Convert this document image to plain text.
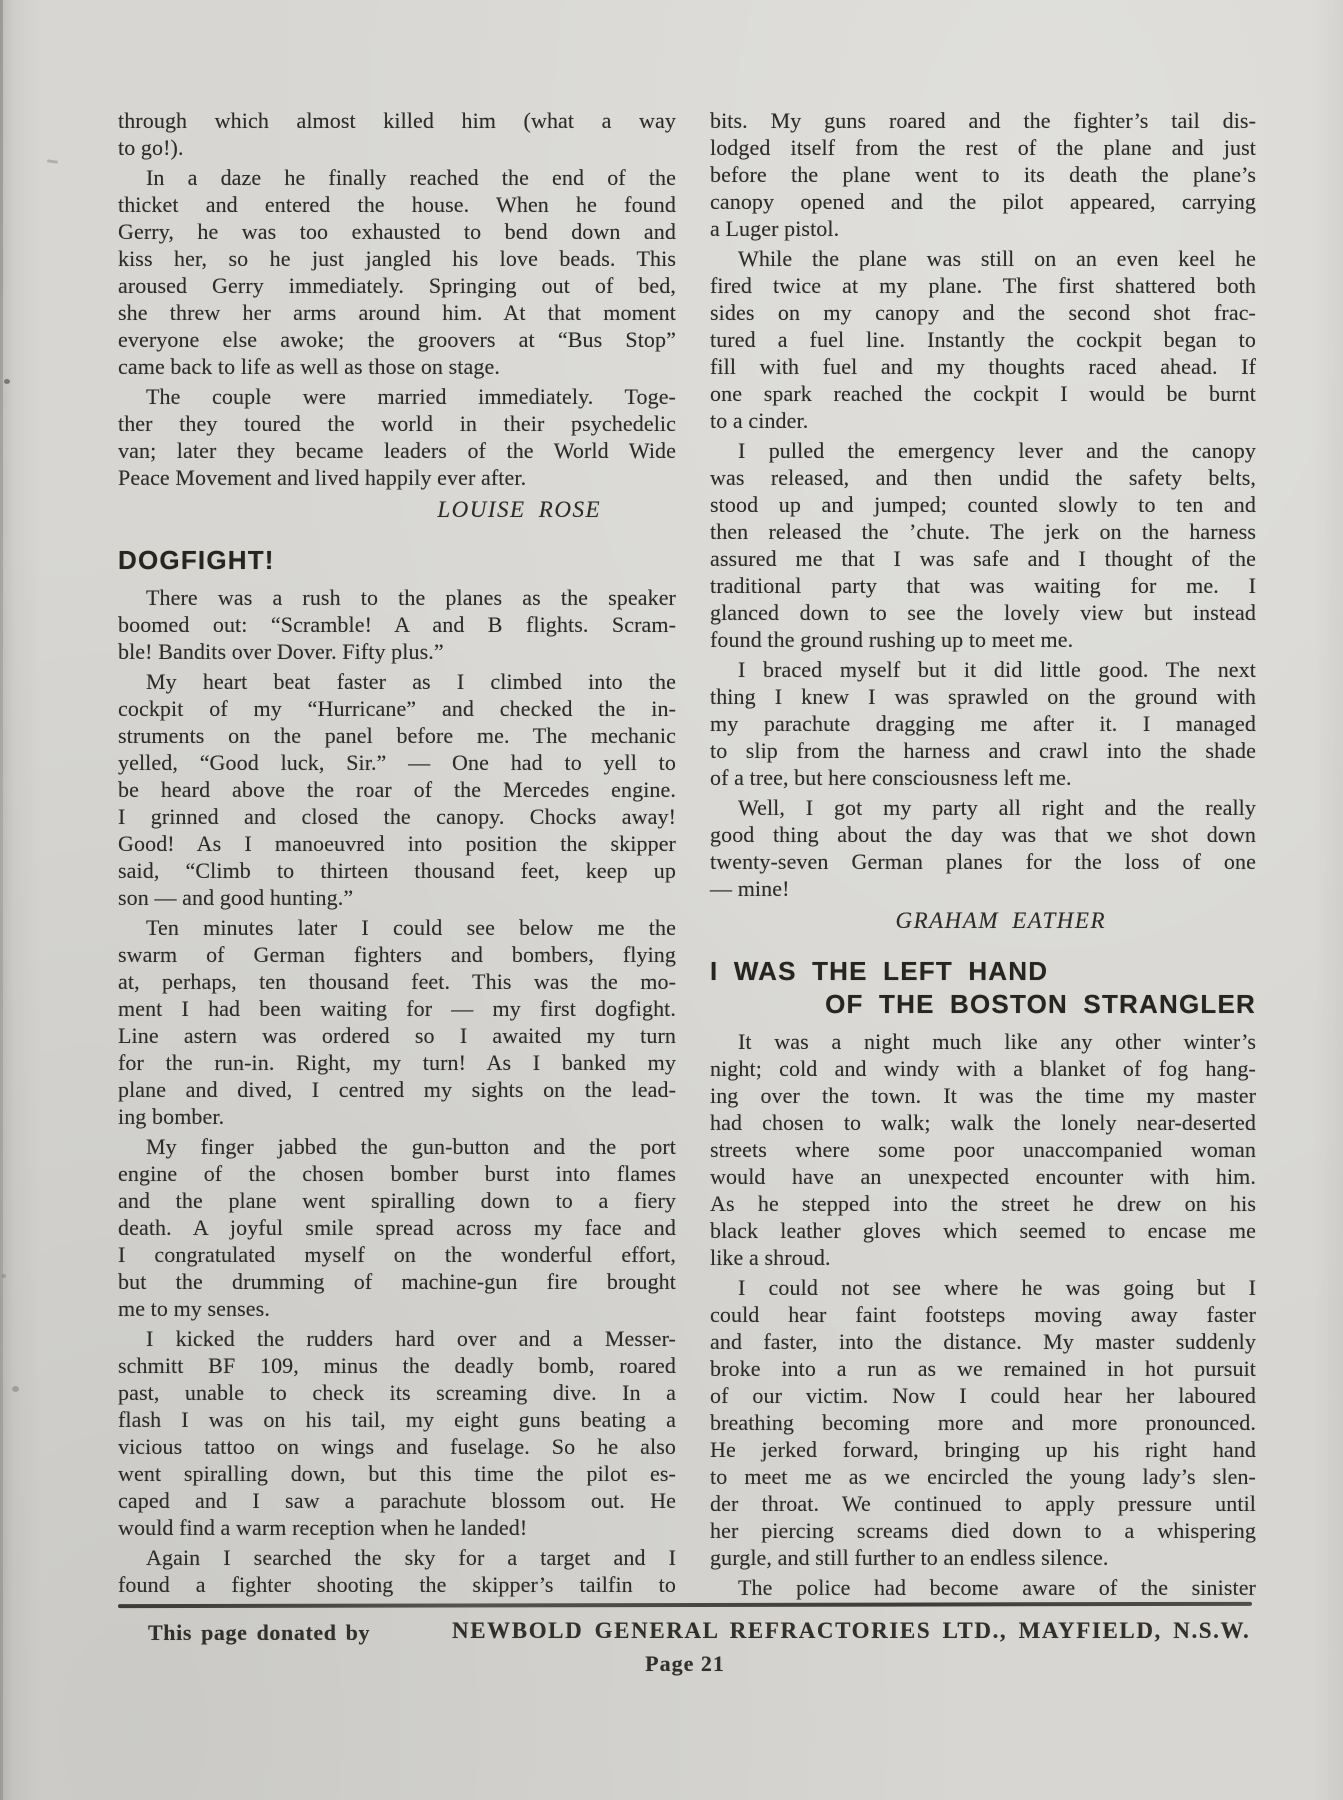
through which almost killed him (what a way
to go!).
In a daze he finally reached the end of the
thicket and entered the house. When he found
Gerry, he was too exhausted to bend down and
kiss her, so he just jangled his love beads. This
aroused Gerry immediately. Springing out of bed,
she threw her arms around him. At that moment
everyone else awoke; the groovers at “Bus Stop”
came back to life as well as those on stage.
The couple were married immediately. Toge-
ther they toured the world in their psychedelic
van; later they became leaders of the World Wide
Peace Movement and lived happily ever after.
LOUISE ROSE
DOGFIGHT!
There was a rush to the planes as the speaker
boomed out: “Scramble! A and B flights. Scram-
ble! Bandits over Dover. Fifty plus.”
My heart beat faster as I climbed into the
cockpit of my “Hurricane” and checked the in-
struments on the panel before me. The mechanic
yelled, “Good luck, Sir.” — One had to yell to
be heard above the roar of the Mercedes engine.
I grinned and closed the canopy. Chocks away!
Good! As I manoeuvred into position the skipper
said, “Climb to thirteen thousand feet, keep up
son — and good hunting.”
Ten minutes later I could see below me the
swarm of German fighters and bombers, flying
at, perhaps, ten thousand feet. This was the mo-
ment I had been waiting for — my first dogfight.
Line astern was ordered so I awaited my turn
for the run-in. Right, my turn! As I banked my
plane and dived, I centred my sights on the lead-
ing bomber.
My finger jabbed the gun-button and the port
engine of the chosen bomber burst into flames
and the plane went spiralling down to a fiery
death. A joyful smile spread across my face and
I congratulated myself on the wonderful effort,
but the drumming of machine-gun fire brought
me to my senses.
I kicked the rudders hard over and a Messer-
schmitt BF 109, minus the deadly bomb, roared
past, unable to check its screaming dive. In a
flash I was on his tail, my eight guns beating a
vicious tattoo on wings and fuselage. So he also
went spiralling down, but this time the pilot es-
caped and I saw a parachute blossom out. He
would find a warm reception when he landed!
Again I searched the sky for a target and I
found a fighter shooting the skipper’s tailfin to
bits. My guns roared and the fighter’s tail dis-
lodged itself from the rest of the plane and just
before the plane went to its death the plane’s
canopy opened and the pilot appeared, carrying
a Luger pistol.
While the plane was still on an even keel he
fired twice at my plane. The first shattered both
sides on my canopy and the second shot frac-
tured a fuel line. Instantly the cockpit began to
fill with fuel and my thoughts raced ahead. If
one spark reached the cockpit I would be burnt
to a cinder.
I pulled the emergency lever and the canopy
was released, and then undid the safety belts,
stood up and jumped; counted slowly to ten and
then released the ’chute. The jerk on the harness
assured me that I was safe and I thought of the
traditional party that was waiting for me. I
glanced down to see the lovely view but instead
found the ground rushing up to meet me.
I braced myself but it did little good. The next
thing I knew I was sprawled on the ground with
my parachute dragging me after it. I managed
to slip from the harness and crawl into the shade
of a tree, but here consciousness left me.
Well, I got my party all right and the really
good thing about the day was that we shot down
twenty-seven German planes for the loss of one
— mine!
GRAHAM EATHER
I WAS THE LEFT HAND
OF THE BOSTON STRANGLER
It was a night much like any other winter’s
night; cold and windy with a blanket of fog hang-
ing over the town. It was the time my master
had chosen to walk; walk the lonely near-deserted
streets where some poor unaccompanied woman
would have an unexpected encounter with him.
As he stepped into the street he drew on his
black leather gloves which seemed to encase me
like a shroud.
I could not see where he was going but I
could hear faint footsteps moving away faster
and faster, into the distance. My master suddenly
broke into a run as we remained in hot pursuit
of our victim. Now I could hear her laboured
breathing becoming more and more pronounced.
He jerked forward, bringing up his right hand
to meet me as we encircled the young lady’s slen-
der throat. We continued to apply pressure until
her piercing screams died down to a whispering
gurgle, and still further to an endless silence.
The police had become aware of the sinister
This page donated by	NEWBOLD GENERAL REFRACTORIES LTD., MAYFIELD, N.S.W.
Page 21
